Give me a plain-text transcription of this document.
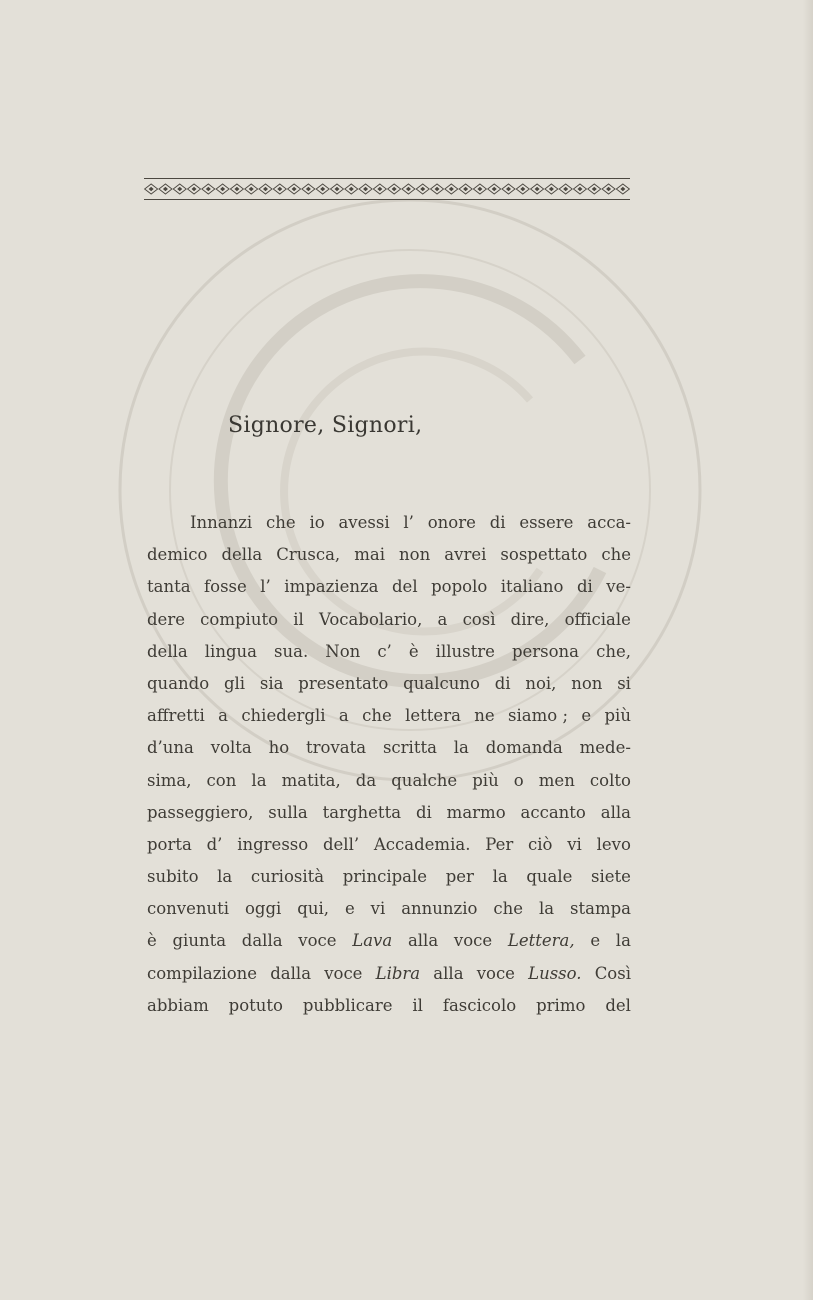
Signore, Signori,
Innanzi che io avessi l’ onore di essere acca-
demico della Crusca, mai non avrei sospettato che
tanta fosse l’ impazienza del popolo italiano di ve-
dere compiuto il Vocabolario, a così dire, officiale
della lingua sua. Non c’ è illustre persona che,
quando gli sia presentato qualcuno di noi, non si
affretti a chiedergli a che lettera ne siamo ; e più
d’una volta ho trovata scritta la domanda mede-
sima, con la matita, da qualche più o men colto
passeggiero, sulla targhetta di marmo accanto alla
porta d’ ingresso dell’ Accademia. Per ciò vi levo
subito la curiosità principale per la quale siete
convenuti oggi qui, e vi annunzio che la stampa
è giunta dalla voce Lava alla voce Lettera, e la
compilazione dalla voce Libra alla voce Lusso. Così
abbiam potuto pubblicare il fascicolo primo del
